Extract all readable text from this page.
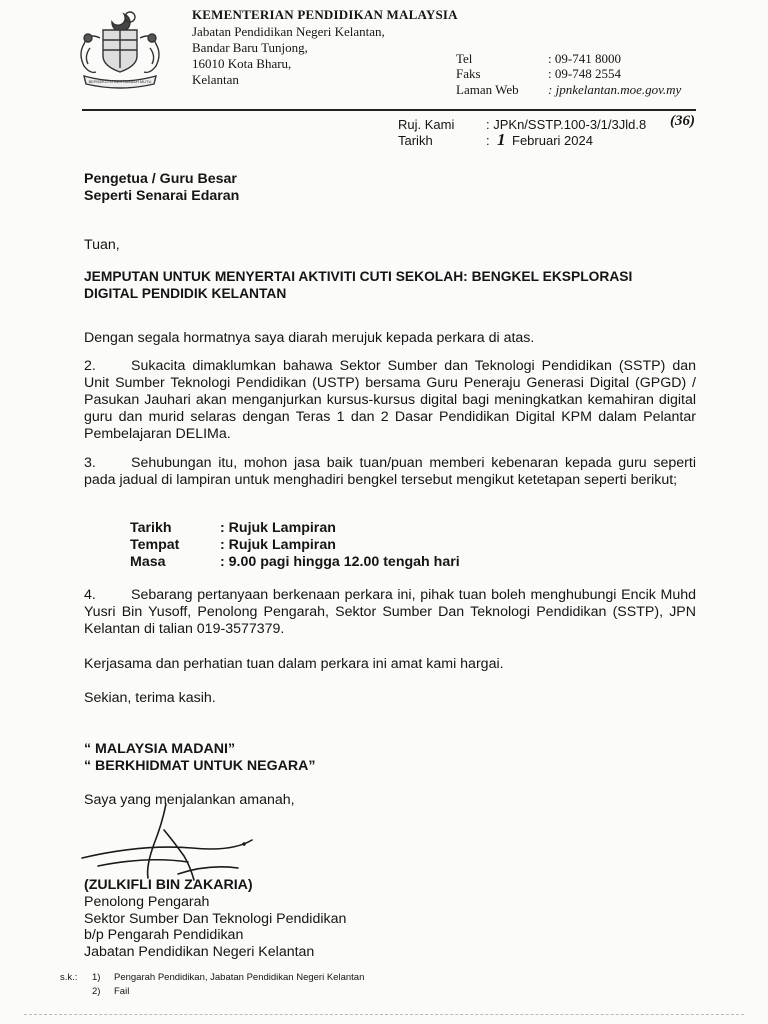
BERSEKUTU BERTAMBAH MUTU
KEMENTERIAN PENDIDIKAN MALAYSIA
Jabatan Pendidikan Negeri Kelantan,
Bandar Baru Tunjong,
16010 Kota Bharu,
Kelantan
Tel	: 09-741 8000
Faks	: 09-748 2554
Laman Web : jpnkelantan.moe.gov.my
Ruj. Kami : JPKn/SSTP.100-3/1/3Jld.8 (36)
Tarikh	: 1 Februari 2024
Pengetua / Guru Besar
Seperti Senarai Edaran
Tuan,
JEMPUTAN UNTUK MENYERTAI AKTIVITI CUTI SEKOLAH: BENGKEL EKSPLORASI
DIGITAL PENDIDIK KELANTAN
Dengan segala hormatnya saya diarah merujuk kepada perkara di atas.
2.	Sukacita dimaklumkan bahawa Sektor Sumber dan Teknologi Pendidikan (SSTP) dan Unit Sumber Teknologi Pendidikan (USTP) bersama Guru Peneraju Generasi Digital (GPGD) / Pasukan Jauhari akan menganjurkan kursus-kursus digital bagi meningkatkan kemahiran digital guru dan murid selaras dengan Teras 1 dan 2 Dasar Pendidikan Digital KPM dalam Pelantar Pembelajaran DELIMa.
3.	Sehubungan itu, mohon jasa baik tuan/puan memberi kebenaran kepada guru seperti pada jadual di lampiran untuk menghadiri bengkel tersebut mengikut ketetapan seperti berikut;
Tarikh	: Rujuk Lampiran
Tempat	: Rujuk Lampiran
Masa	: 9.00 pagi hingga 12.00 tengah hari
4.	Sebarang pertanyaan berkenaan perkara ini, pihak tuan boleh menghubungi Encik Muhd Yusri Bin Yusoff, Penolong Pengarah, Sektor Sumber Dan Teknologi Pendidikan (SSTP), JPN Kelantan di talian 019-3577379.
Kerjasama dan perhatian tuan dalam perkara ini amat kami hargai.
Sekian, terima kasih.
“ MALAYSIA MADANI”
“ BERKHIDMAT UNTUK NEGARA”
Saya yang menjalankan amanah,
(ZULKIFLI BIN ZAKARIA)
Penolong Pengarah
Sektor Sumber Dan Teknologi Pendidikan
b/p Pengarah Pendidikan
Jabatan Pendidikan Negeri Kelantan
s.k.: 1) Pengarah Pendidikan, Jabatan Pendidikan Negeri Kelantan
2) Fail
